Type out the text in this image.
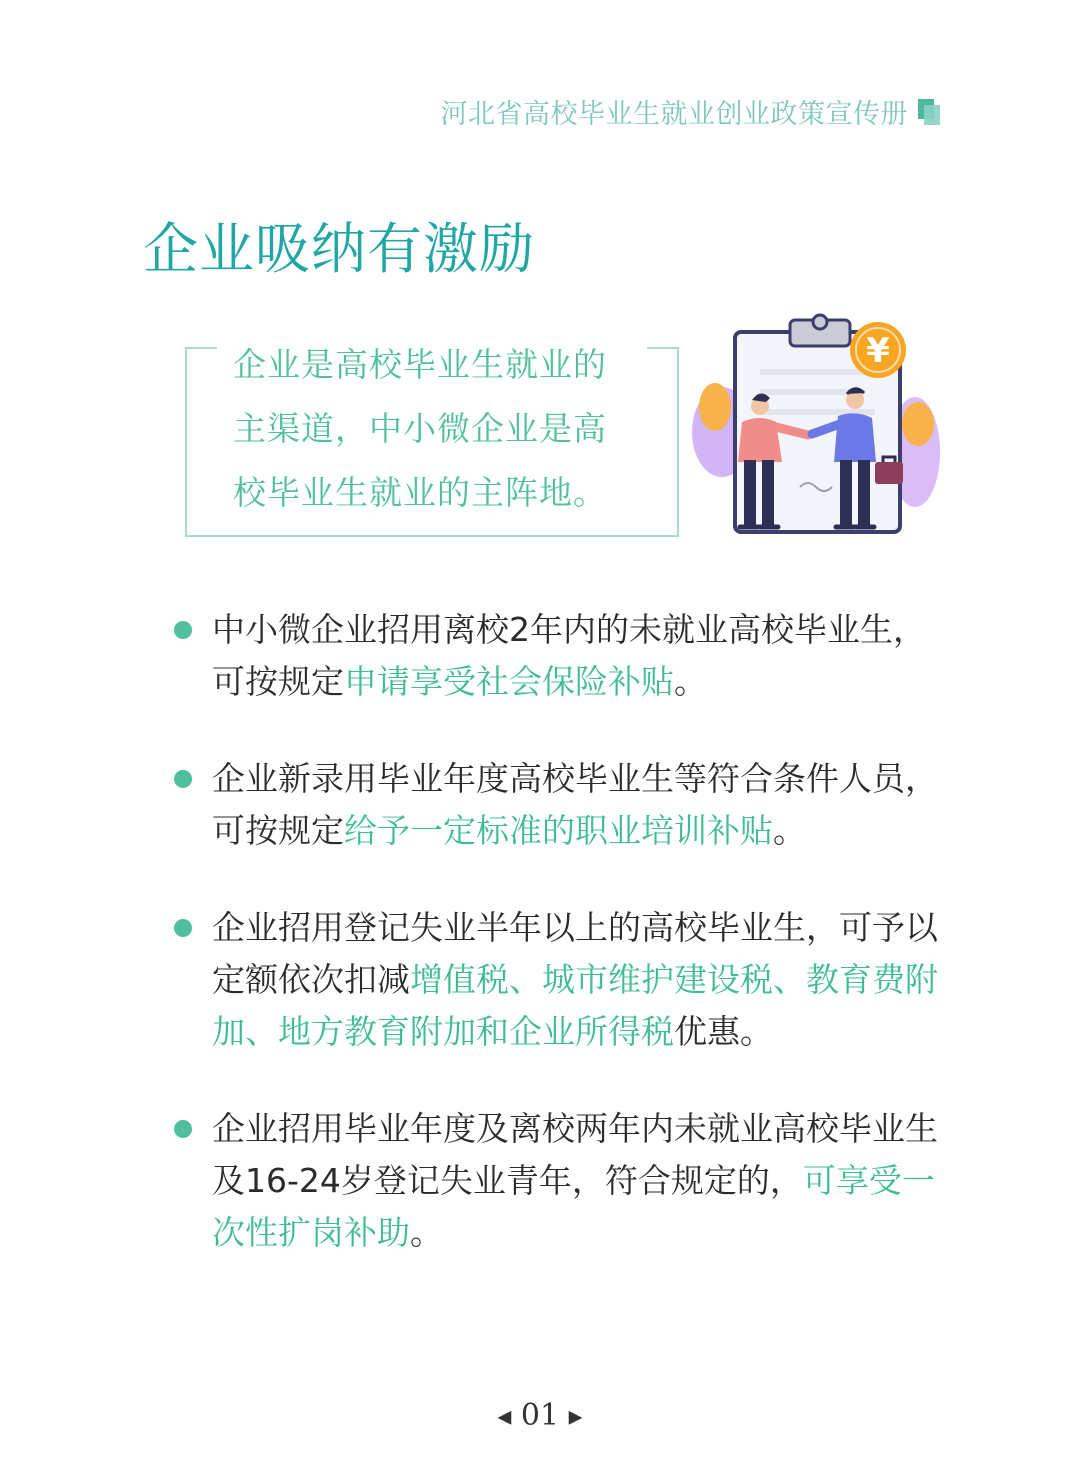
河北省高校毕业生就业创业政策宣传册
企业吸纳有激励
企业是高校毕业生就业的
主渠道，中小微企业是高
校毕业生就业的主阵地。
¥
中小微企业招用离校2年内的未就业高校毕业生，可按规定申请享受社会保险补贴。
企业新录用毕业年度高校毕业生等符合条件人员，可按规定给予一定标准的职业培训补贴。
企业招用登记失业半年以上的高校毕业生，可予以定额依次扣减增值税、城市维护建设税、教育费附加、地方教育附加和企业所得税优惠。
企业招用毕业年度及离校两年内未就业高校毕业生及16-24岁登记失业青年，符合规定的，可享受一次性扩岗补助。
◀ 01 ▶
